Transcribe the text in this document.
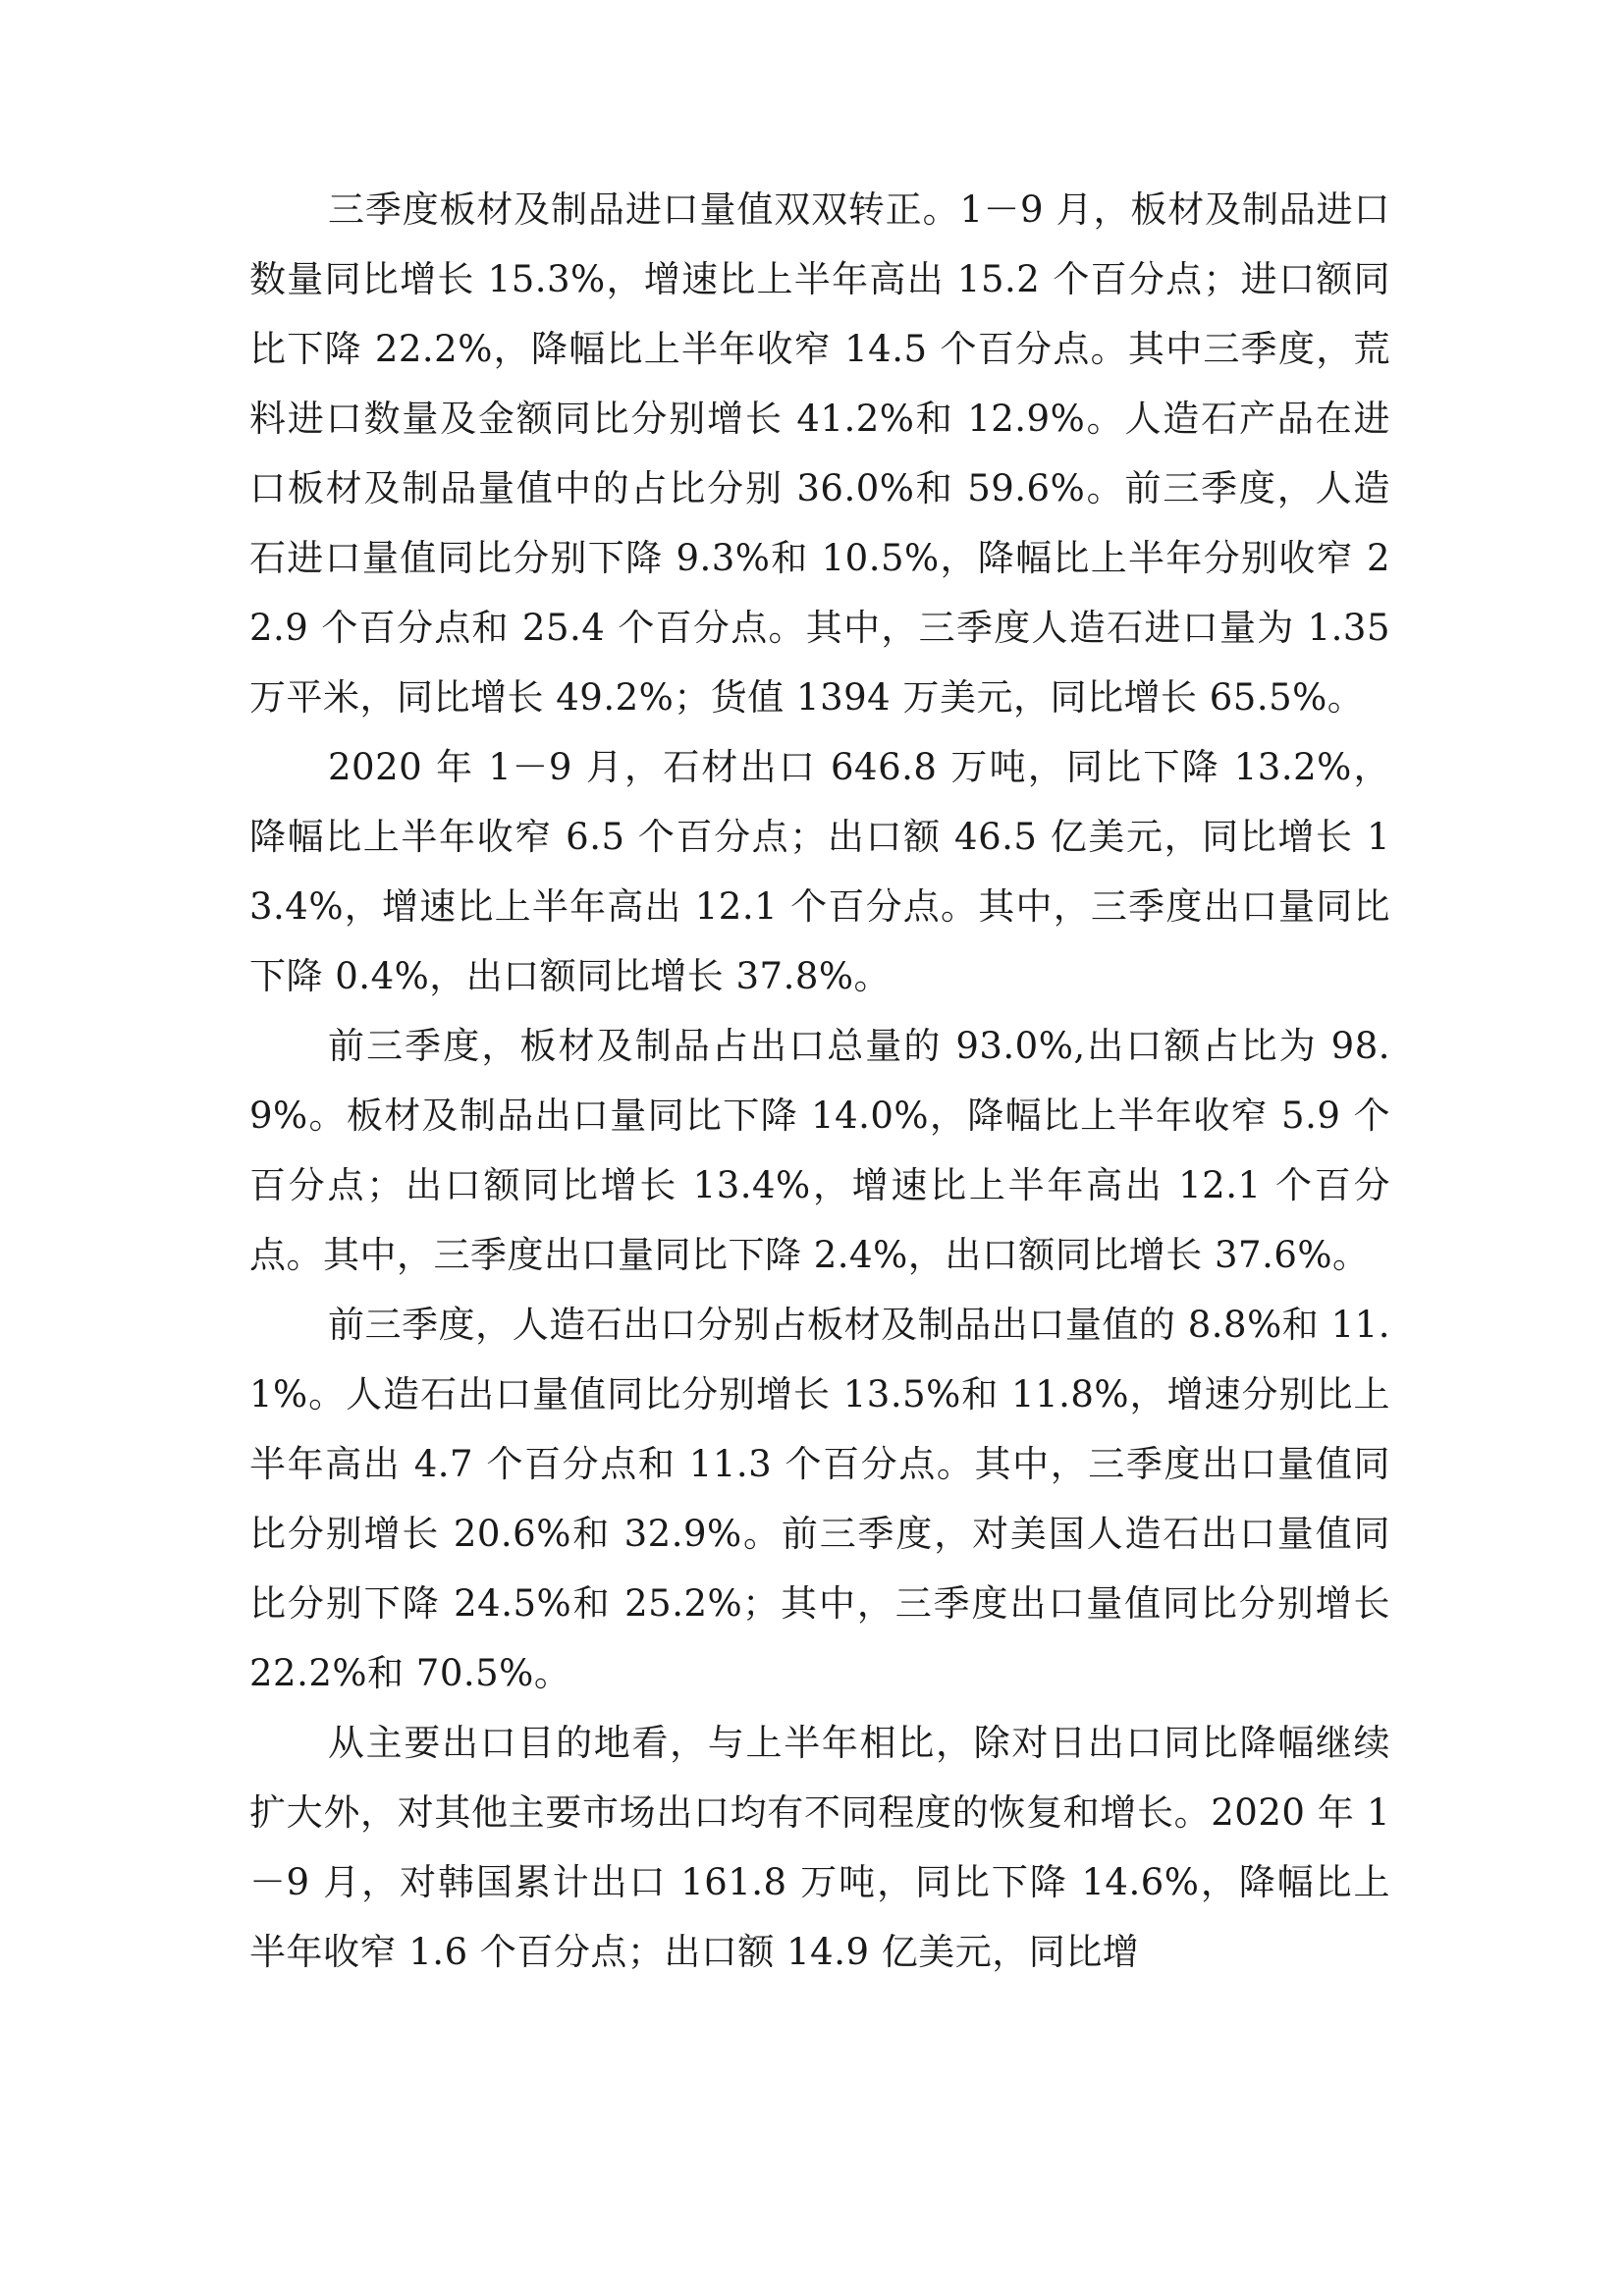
三季度板材及制品进口量值双双转正。1－9 月，板材及制品进口数量同比增长 15.3%，增速比上半年高出 15.2 个百分点；进口额同比下降 22.2%，降幅比上半年收窄 14.5 个百分点。其中三季度，荒料进口数量及金额同比分别增长 41.2%和 12.9%。人造石产品在进口板材及制品量值中的占比分别 36.0%和 59.6%。前三季度，人造石进口量值同比分别下降 9.3%和 10.5%，降幅比上半年分别收窄 22.9 个百分点和 25.4 个百分点。其中，三季度人造石进口量为 1.35 万平米，同比增长 49.2%；货值 1394 万美元，同比增长 65.5%。

2020 年 1－9 月，石材出口 646.8 万吨，同比下降 13.2%，降幅比上半年收窄 6.5 个百分点；出口额 46.5 亿美元，同比增长 13.4%，增速比上半年高出 12.1 个百分点。其中，三季度出口量同比下降 0.4%，出口额同比增长 37.8%。

前三季度，板材及制品占出口总量的 93.0%,出口额占比为 98.9%。板材及制品出口量同比下降 14.0%，降幅比上半年收窄 5.9 个百分点；出口额同比增长 13.4%，增速比上半年高出 12.1 个百分点。其中，三季度出口量同比下降 2.4%，出口额同比增长 37.6%。

前三季度，人造石出口分别占板材及制品出口量值的 8.8%和 11.1%。人造石出口量值同比分别增长 13.5%和 11.8%，增速分别比上半年高出 4.7 个百分点和 11.3 个百分点。其中，三季度出口量值同比分别增长 20.6%和 32.9%。前三季度，对美国人造石出口量值同比分别下降 24.5%和 25.2%；其中，三季度出口量值同比分别增长 22.2%和 70.5%。

从主要出口目的地看，与上半年相比，除对日出口同比降幅继续扩大外，对其他主要市场出口均有不同程度的恢复和增长。2020 年 1－9 月，对韩国累计出口 161.8 万吨，同比下降 14.6%，降幅比上半年收窄 1.6 个百分点；出口额 14.9 亿美元，同比增
